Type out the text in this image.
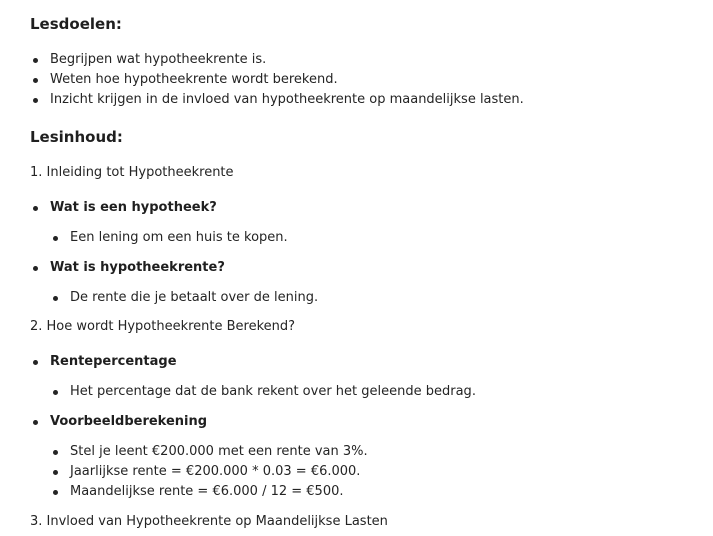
Lesdoelen:
Begrijpen wat hypotheekrente is.
Weten hoe hypotheekrente wordt berekend.
Inzicht krijgen in de invloed van hypotheekrente op maandelijkse lasten.
Lesinhoud:
1. Inleiding tot Hypotheekrente
Wat is een hypotheek?
Een lening om een huis te kopen.
Wat is hypotheekrente?
De rente die je betaalt over de lening.
2. Hoe wordt Hypotheekrente Berekend?
Rentepercentage
Het percentage dat de bank rekent over het geleende bedrag.
Voorbeeldberekening
Stel je leent €200.000 met een rente van 3%.
Jaarlijkse rente = €200.000 * 0.03 = €6.000.
Maandelijkse rente = €6.000 / 12 = €500.
3. Invloed van Hypotheekrente op Maandelijkse Lasten
